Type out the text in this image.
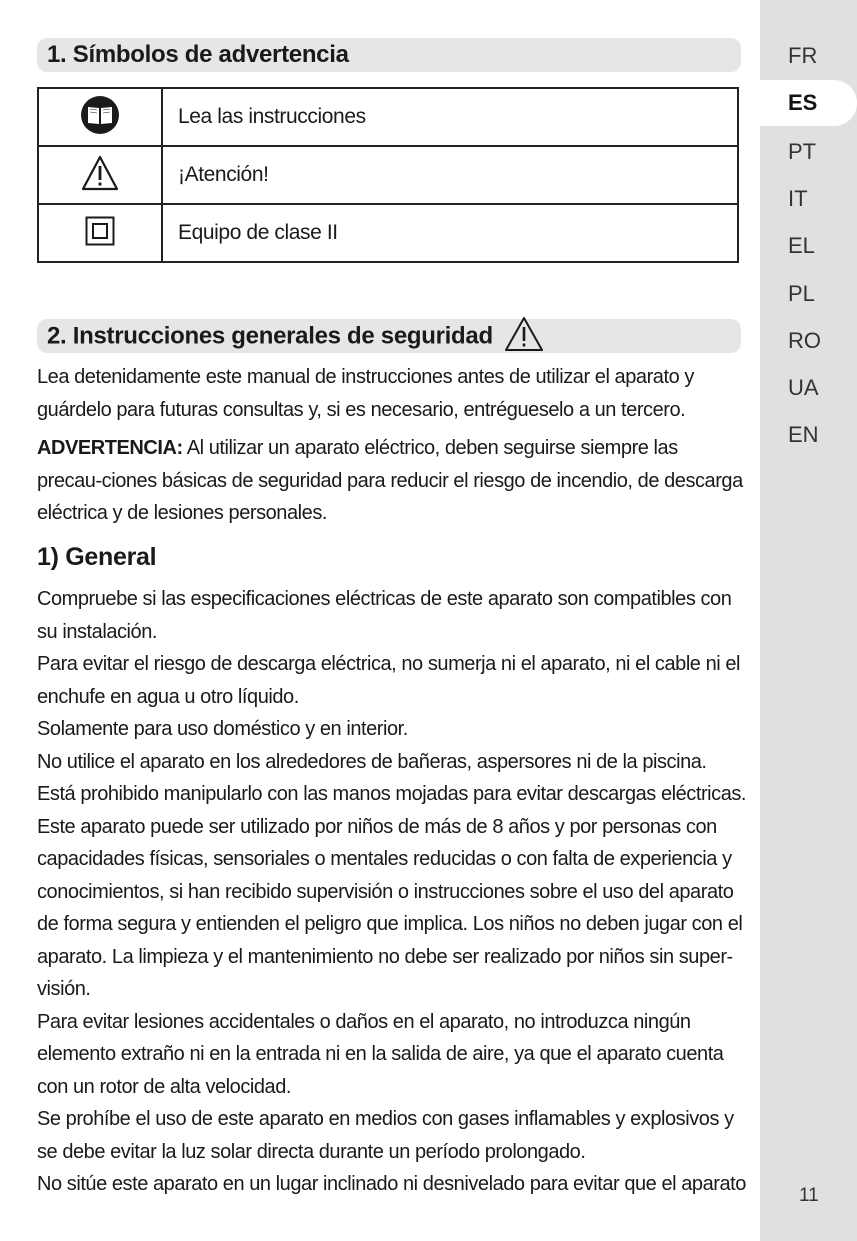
1. Símbolos de advertencia
	Lea las instrucciones
	¡Atención!
	Equipo de clase II
2. Instrucciones generales de seguridad
Lea detenidamente este manual de instrucciones antes de utilizar el aparato y guárdelo para futuras consultas y, si es necesario, entrégueselo a un tercero.
ADVERTENCIA: Al utilizar un aparato eléctrico, deben seguirse siempre las precau-ciones básicas de seguridad para reducir el riesgo de incendio, de descarga eléctrica y de lesiones personales.
1) General

Compruebe si las especificaciones eléctricas de este aparato son compatibles con su instalación.

Para evitar el riesgo de descarga eléctrica, no sumerja ni el aparato, ni el cable ni el enchufe en agua u otro líquido.

Solamente para uso doméstico y en interior.

No utilice el aparato en los alrededores de bañeras, aspersores ni de la piscina.

Está prohibido manipularlo con las manos mojadas para evitar descargas eléctricas.

Este aparato puede ser utilizado por niños de más de 8 años y por personas con capacidades físicas, sensoriales o mentales reducidas o con falta de experiencia y conocimientos, si han recibido supervisión o instrucciones sobre el uso del aparato de forma segura y entienden el peligro que implica. Los niños no deben jugar con el aparato. La limpieza y el mantenimiento no debe ser realizado por niños sin super-visión.

Para evitar lesiones accidentales o daños en el aparato, no introduzca ningún elemento extraño ni en la entrada ni en la salida de aire, ya que el aparato cuenta con un rotor de alta velocidad.

Se prohíbe el uso de este aparato en medios con gases inflamables y explosivos y se debe evitar la luz solar directa durante un período prolongado.

No sitúe este aparato en un lugar inclinado ni desnivelado para evitar que el aparato

FR
ES
PT
IT
EL
PL
RO
UA
EN
11
